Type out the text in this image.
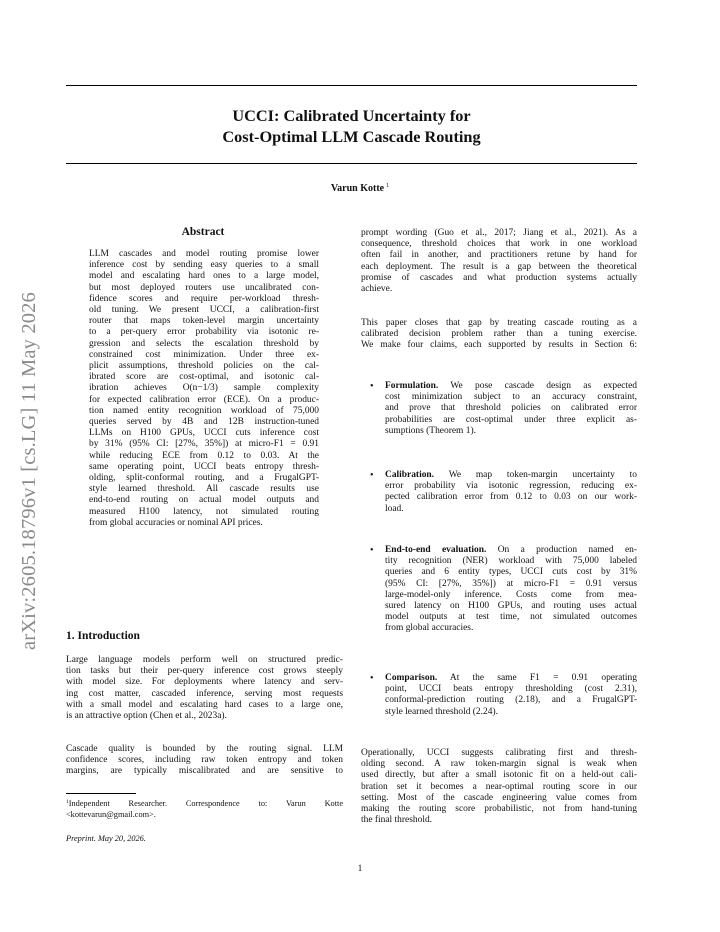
UCCI: Calibrated Uncertainty for
Cost-Optimal LLM Cascade Routing
Varun Kotte $^1$
arXiv:2605.18796v1 [cs.LG] 11 May 2026
Abstract
LLM cascades and model routing promise lower
inference cost by sending easy queries to a small
model and escalating hard ones to a large model,
but most deployed routers use uncalibrated con-
fidence scores and require per-workload thresh-
old tuning. We present UCCI, a calibration-first
router that maps token-level margin uncertainty
to a per-query error probability via isotonic re-
gression and selects the escalation threshold by
constrained cost minimization. Under three ex-
plicit assumptions, threshold policies on the cal-
ibrated score are cost-optimal, and isotonic cal-
ibration achieves O(n−1/3) sample complexity
for expected calibration error (ECE). On a produc-
tion named entity recognition workload of 75,000
queries served by 4B and 12B instruction-tuned
LLMs on H100 GPUs, UCCI cuts inference cost
by 31% (95% CI: [27%, 35%]) at micro-F1 = 0.91
while reducing ECE from 0.12 to 0.03. At the
same operating point, UCCI beats entropy thresh-
olding, split-conformal routing, and a FrugalGPT-
style learned threshold. All cascade results use
end-to-end routing on actual model outputs and
measured H100 latency, not simulated routing
from global accuracies or nominal API prices.
1. Introduction
Large language models perform well on structured predic-
tion tasks but their per-query inference cost grows steeply
with model size. For deployments where latency and serv-
ing cost matter, cascaded inference, serving most requests
with a small model and escalating hard cases to a large one,
is an attractive option (Chen et al., 2023a).
Cascade quality is bounded by the routing signal. LLM
confidence scores, including raw token entropy and token
margins, are typically miscalibrated and are sensitive to
$^1$Independent Researcher. Correspondence to: Varun Kotte
<kottevarun@gmail.com>.
Preprint. May 20, 2026.
prompt wording (Guo et al., 2017; Jiang et al., 2021). As a
consequence, threshold choices that work in one workload
often fail in another, and practitioners retune by hand for
each deployment. The result is a gap between the theoretical
promise of cascades and what production systems actually
achieve.
This paper closes that gap by treating cascade routing as a
calibrated decision problem rather than a tuning exercise.
We make four claims, each supported by results in Section 6:
• Formulation. We pose cascade design as expected
cost minimization subject to an accuracy constraint,
and prove that threshold policies on calibrated error
probabilities are cost-optimal under three explicit as-
sumptions (Theorem 1).
• Calibration. We map token-margin uncertainty to
error probability via isotonic regression, reducing ex-
pected calibration error from 0.12 to 0.03 on our work-
load.
• End-to-end evaluation. On a production named en-
tity recognition (NER) workload with 75,000 labeled
queries and 6 entity types, UCCI cuts cost by 31%
(95% CI: [27%, 35%]) at micro-F1 = 0.91 versus
large-model-only inference. Costs come from mea-
sured latency on H100 GPUs, and routing uses actual
model outputs at test time, not simulated outcomes
from global accuracies.
• Comparison. At the same F1 = 0.91 operating
point, UCCI beats entropy thresholding (cost 2.31),
conformal-prediction routing (2.18), and a FrugalGPT-
style learned threshold (2.24).
Operationally, UCCI suggests calibrating first and thresh-
olding second. A raw token-margin signal is weak when
used directly, but after a small isotonic fit on a held-out cali-
bration set it becomes a near-optimal routing score in our
setting. Most of the cascade engineering value comes from
making the routing score probabilistic, not from hand-tuning
the final threshold.
1
